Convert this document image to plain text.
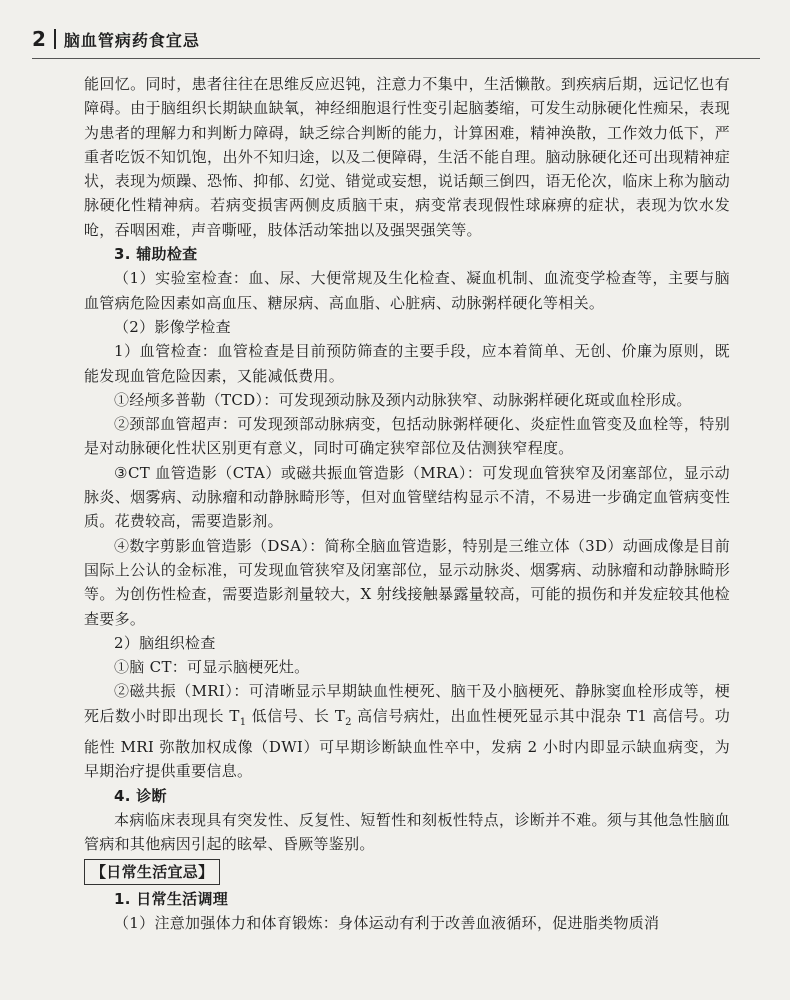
2 脑血管病药食宜忌

能回忆。同时，患者往往在思维反应迟钝，注意力不集中，生活懒散。到疾病后期，远记忆也有障碍。由于脑组织长期缺血缺氧，神经细胞退行性变引起脑萎缩，可发生动脉硬化性痴呆，表现为患者的理解力和判断力障碍，缺乏综合判断的能力，计算困难，精神涣散，工作效力低下，严重者吃饭不知饥饱，出外不知归途，以及二便障碍，生活不能自理。脑动脉硬化还可出现精神症状，表现为烦躁、恐怖、抑郁、幻觉、错觉或妄想，说话颠三倒四，语无伦次，临床上称为脑动脉硬化性精神病。若病变损害两侧皮质脑干束，病变常表现假性球麻痹的症状，表现为饮水发呛，吞咽困难，声音嘶哑，肢体活动笨拙以及强哭强笑等。

3. 辅助检查

（1）实验室检查：血、尿、大便常规及生化检查、凝血机制、血流变学检查等，主要与脑血管病危险因素如高血压、糖尿病、高血脂、心脏病、动脉粥样硬化等相关。

（2）影像学检查

1）血管检查：血管检查是目前预防筛查的主要手段，应本着简单、无创、价廉为原则，既能发现血管危险因素，又能减低费用。

①经颅多普勒（TCD）：可发现颈动脉及颈内动脉狭窄、动脉粥样硬化斑或血栓形成。

②颈部血管超声：可发现颈部动脉病变，包括动脉粥样硬化、炎症性血管变及血栓等，特别是对动脉硬化性状区别更有意义，同时可确定狭窄部位及估测狭窄程度。

③CT 血管造影（CTA）或磁共振血管造影（MRA）：可发现血管狭窄及闭塞部位，显示动脉炎、烟雾病、动脉瘤和动静脉畸形等，但对血管壁结构显示不清，不易进一步确定血管病变性质。花费较高，需要造影剂。

④数字剪影血管造影（DSA）：简称全脑血管造影，特别是三维立体（3D）动画成像是目前国际上公认的金标准，可发现血管狭窄及闭塞部位，显示动脉炎、烟雾病、动脉瘤和动静脉畸形等。为创伤性检查，需要造影剂量较大，X 射线接触暴露量较高，可能的损伤和并发症较其他检查要多。

2）脑组织检查

①脑 CT：可显示脑梗死灶。

②磁共振（MRI）：可清晰显示早期缺血性梗死、脑干及小脑梗死、静脉窦血栓形成等，梗死后数小时即出现长 $T_1$ 低信号、长 $T_2$ 高信号病灶，出血性梗死显示其中混杂 T1 高信号。功能性 MRI 弥散加权成像（DWI）可早期诊断缺血性卒中，发病 2 小时内即显示缺血病变，为早期治疗提供重要信息。

4. 诊断

本病临床表现具有突发性、反复性、短暂性和刻板性特点，诊断并不难。须与其他急性脑血管病和其他病因引起的眩晕、昏厥等鉴别。

【日常生活宜忌】

1. 日常生活调理

（1）注意加强体力和体育锻炼：身体运动有利于改善血液循环，促进脂类物质消
